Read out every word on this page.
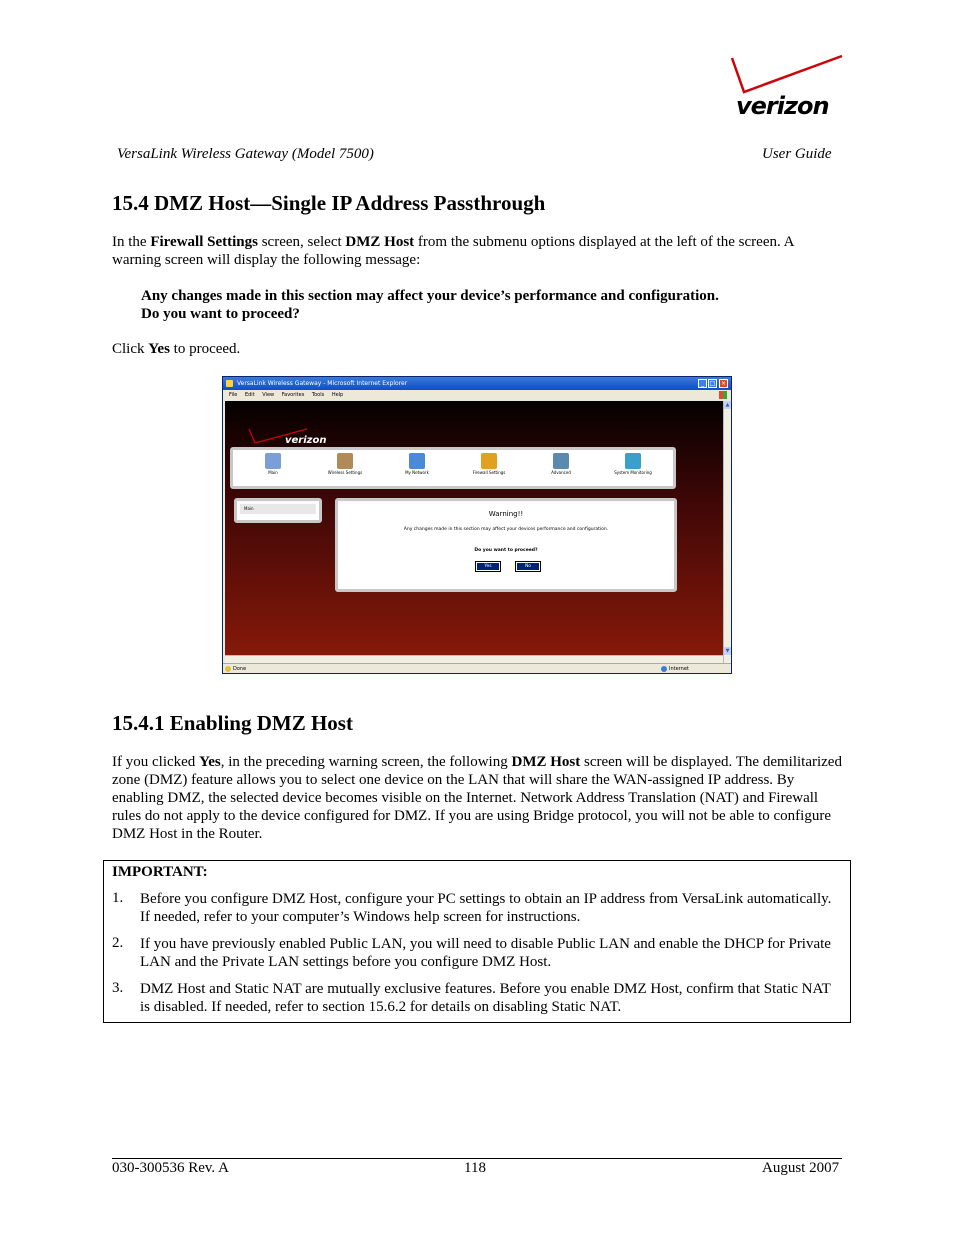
verizon
VersaLink Wireless Gateway (Model 7500)	User Guide
15.4 DMZ Host—Single IP Address Passthrough
In the Firewall Settings screen, select DMZ Host from the submenu options displayed at the left of the screen. A warning screen will display the following message:
Any changes made in this section may affect your device’s performance and configuration.
Do you want to proceed?
Click Yes to proceed.
VersaLink Wireless Gateway - Microsoft Internet Explorer	_ □ ×
File Edit View Favorites Tools Help
verizon
Main	Wireless Settings	My Network	Firewall Settings	Advanced	System Monitoring
Main
Warning!!
Any changes made in this section may affect your devices performance and configuration.
Do you want to proceed?
Yes	No
▲
▼
Done	Internet
15.4.1 Enabling DMZ Host
If you clicked Yes, in the preceding warning screen, the following DMZ Host screen will be displayed. The demilitarized zone (DMZ) feature allows you to select one device on the LAN that will share the WAN-assigned IP address. By enabling DMZ, the selected device becomes visible on the Internet. Network Address Translation (NAT) and Firewall rules do not apply to the device configured for DMZ. If you are using Bridge protocol, you will not be able to configure DMZ Host in the Router.
IMPORTANT:
1. Before you configure DMZ Host, configure your PC settings to obtain an IP address from VersaLink automatically. If needed, refer to your computer’s Windows help screen for instructions.
2. If you have previously enabled Public LAN, you will need to disable Public LAN and enable the DHCP for Private LAN and the Private LAN settings before you configure DMZ Host.
3. DMZ Host and Static NAT are mutually exclusive features. Before you enable DMZ Host, confirm that Static NAT is disabled. If needed, refer to section 15.6.2 for details on disabling Static NAT.
030-300536 Rev. A	118	August 2007
